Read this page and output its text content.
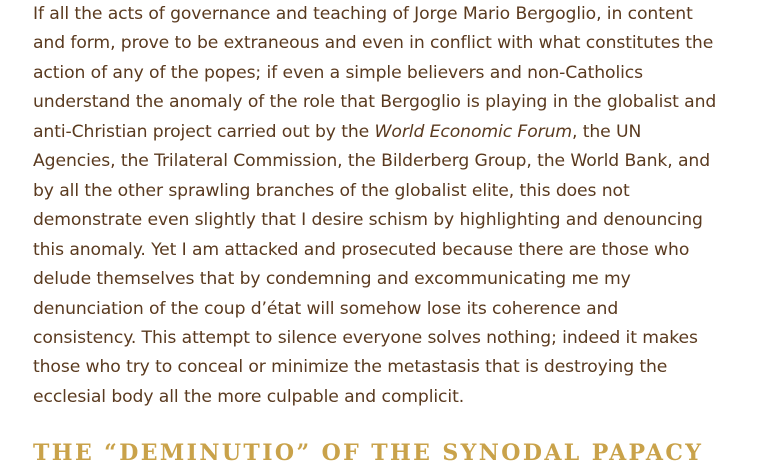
If all the acts of governance and teaching of Jorge Mario Bergoglio, in content
and form, prove to be extraneous and even in conflict with what constitutes the
action of any of the popes; if even a simple believers and non-Catholics
understand the anomaly of the role that Bergoglio is playing in the globalist and
anti-Christian project carried out by the World Economic Forum, the UN
Agencies, the Trilateral Commission, the Bilderberg Group, the World Bank, and
by all the other sprawling branches of the globalist elite, this does not
demonstrate even slightly that I desire schism by highlighting and denouncing
this anomaly. Yet I am attacked and prosecuted because there are those who
delude themselves that by condemning and excommunicating me my
denunciation of the coup d’état will somehow lose its coherence and
consistency. This attempt to silence everyone solves nothing; indeed it makes
those who try to conceal or minimize the metastasis that is destroying the
ecclesial body all the more culpable and complicit.

THE “DEMINUTIO” OF THE SYNODAL PAPACY
